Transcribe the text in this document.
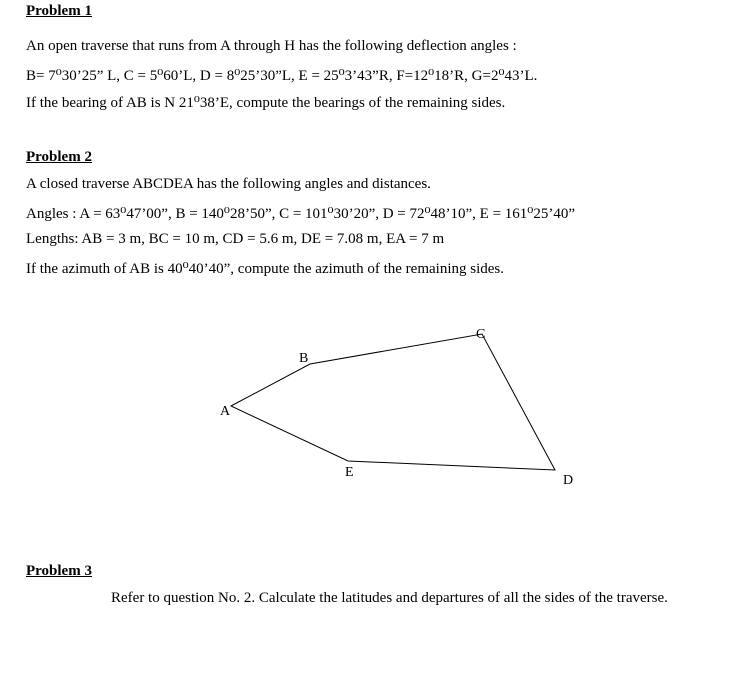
Problem 1
An open traverse that runs from A through H has the following deflection angles :
B= 7⁰30’25” L, C = 5⁰60’L, D = 8⁰25’30”L, E = 25⁰3’43”R, F=12⁰18’R, G=2⁰43’L.
If the bearing of AB is N 21⁰38’E, compute the bearings of the remaining sides.
Problem 2
A closed traverse ABCDEA has the following angles and distances.
Angles : A = 63⁰47’00”, B = 140⁰28’50”, C = 101⁰30’20”, D = 72⁰48’10”, E = 161⁰25’40”
Lengths: AB = 3 m, BC = 10 m, CD = 5.6 m, DE = 7.08 m, EA = 7 m
If the azimuth of AB is 40⁰40’40”, compute the azimuth of the remaining sides.
A
B
C
D
E
Problem 3
Refer to question No. 2. Calculate the latitudes and departures of all the sides of the traverse.
